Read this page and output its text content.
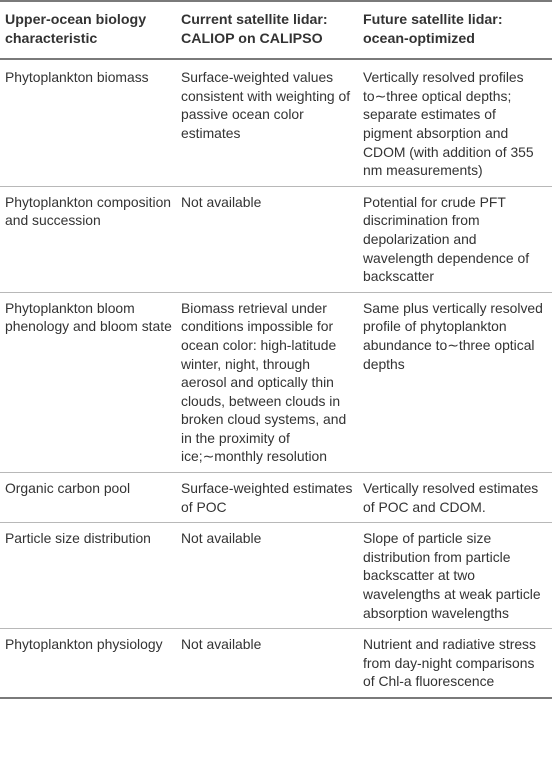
Upper-ocean biology characteristic	Current satellite lidar: CALIOP on CALIPSO	Future satellite lidar: ocean-optimized
Phytoplankton biomass	Surface-weighted values consistent with weighting of passive ocean color estimates	Vertically resolved profiles to∼three optical depths; separate estimates of pigment absorption and CDOM (with addition of 355 nm measurements)
Phytoplankton composition and succession	Not available	Potential for crude PFT discrimination from depolarization and wavelength dependence of backscatter
Phytoplankton bloom phenology and bloom state	Biomass retrieval under conditions impossible for ocean color: high-latitude winter, night, through aerosol and optically thin clouds, between clouds in broken cloud systems, and in the proximity of ice;∼monthly resolution	Same plus vertically resolved profile of phytoplankton abundance to∼three optical depths
Organic carbon pool	Surface-weighted estimates of POC	Vertically resolved estimates of POC and CDOM.
Particle size distribution	Not available	Slope of particle size distribution from particle backscatter at two wavelengths at weak particle absorption wavelengths
Phytoplankton physiology	Not available	Nutrient and radiative stress from day-night comparisons of Chl-a fluorescence
